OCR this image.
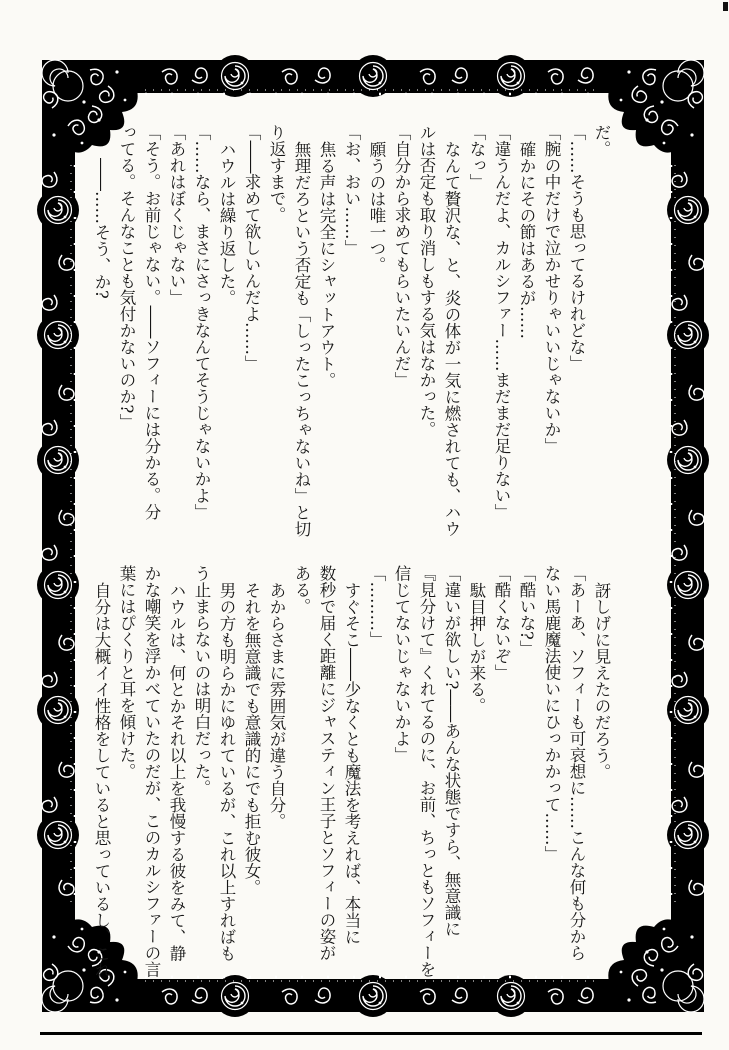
だ。

「……そうも思ってるけれどな」

「腕の中だけで泣かせりゃいいじゃないか」

確かにその節はあるが……

「違うんだよ、カルシファー……まだまだ足りない」

「なっ」

なんて贅沢な、と、炎の体が一気に燃されても、ハウ

ルは否定も取り消しもする気はなかった。

「自分から求めてもらいたいんだ」

願うのは唯一つ。

「お、おい……」

焦る声は完全にシャットアウト。

無理だろという否定も「しったこっちゃないね」と切

り返すまで。

「――求めて欲しいんだよ……」

ハウルは繰り返した。

「……なら、まさにさっきなんてそうじゃないかよ」

「あれはぼくじゃない」

「そう。お前じゃない。――ソフィーには分かる。分

ってる。そんなことも気付かないのか?」

――……そう、か?

訝しげに見えたのだろう。

「あーあ、ソフィーも可哀想に……こんな何も分から

ない馬鹿魔法使いにひっかかって……」

「酷いな?」

「酷くないぞ」

駄目押しが来る。

「違いが欲しい?――あんな状態ですら、無意識に

『見分けて』くれてるのに、お前、ちっともソフィーを

信じてないじゃないかよ」

「………」

すぐそこ――少なくとも魔法を考えれば、本当に

数秒で届く距離にジャスティン王子とソフィーの姿が

ある。

あからさまに雰囲気が違う自分。

それを無意識でも意識的にでも拒む彼女。

男の方も明らかにゆれているが、これ以上すればも

う止まらないのは明白だった。

ハウルは、何とかそれ以上を我慢する彼をみて、静

かな嘲笑を浮かべていたのだが、このカルシファーの言

葉にはぴくりと耳を傾けた。

自分は大概イイ性格をしていると思っているし、これ
